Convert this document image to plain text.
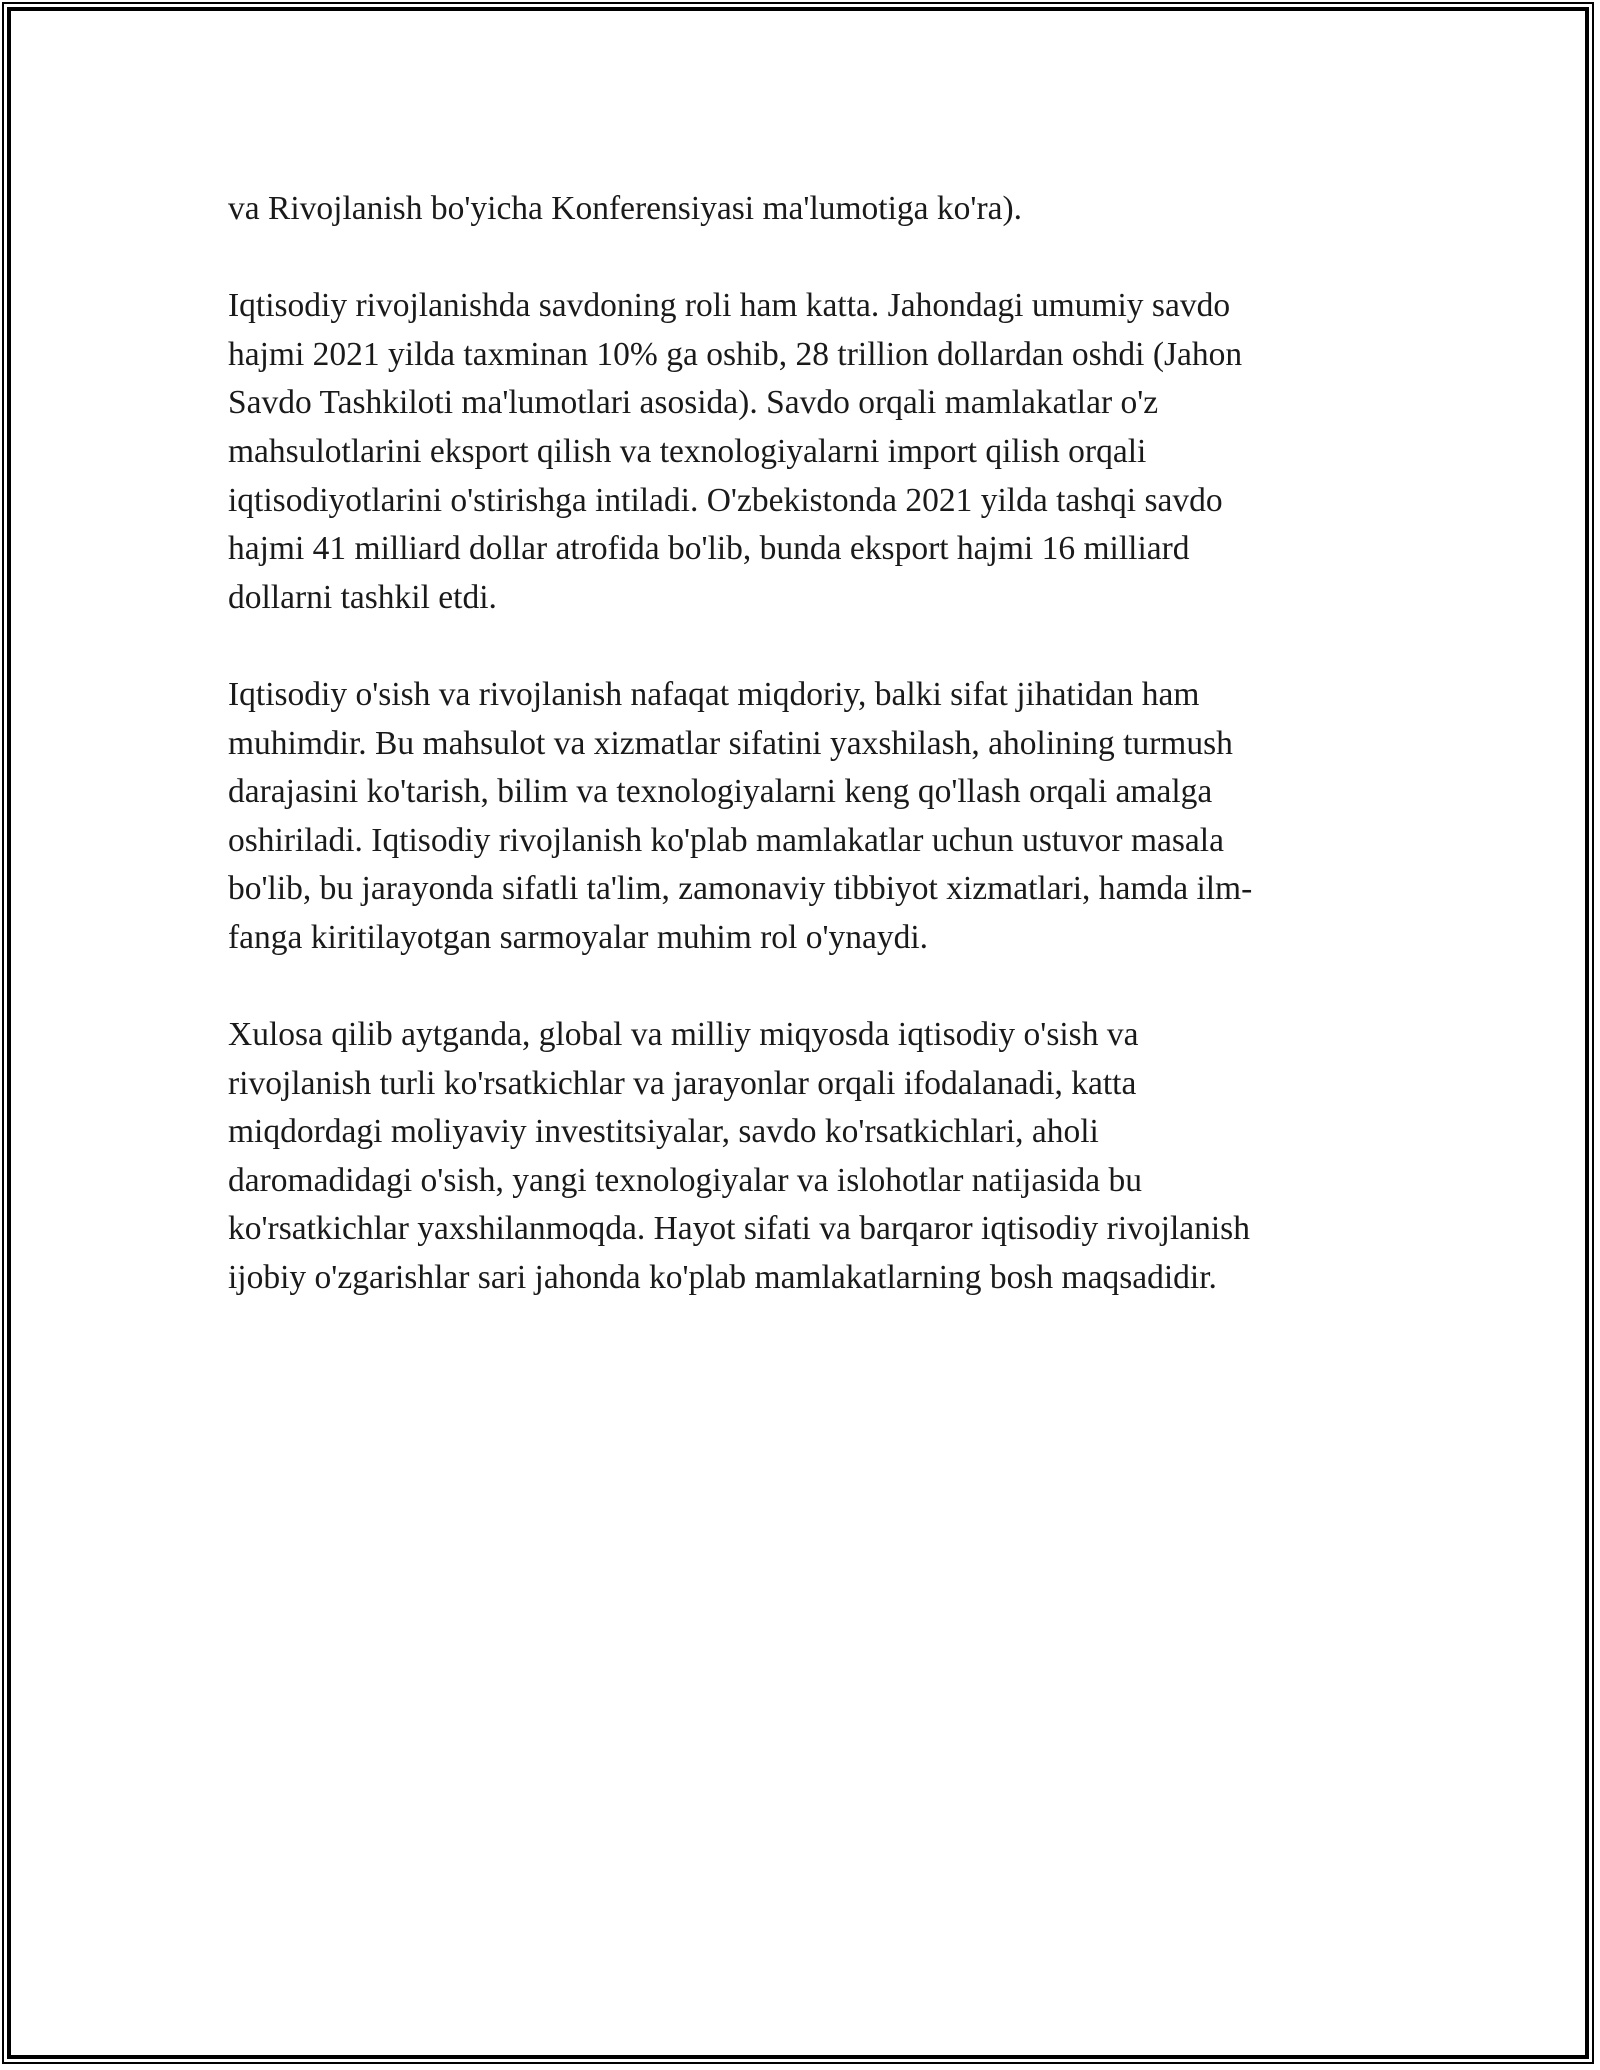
va Rivojlanish bo'yicha Konferensiyasi ma'lumotiga ko'ra).

Iqtisodiy rivojlanishda savdoning roli ham katta. Jahondagi umumiy savdo
hajmi 2021 yilda taxminan 10% ga oshib, 28 trillion dollardan oshdi (Jahon
Savdo Tashkiloti ma'lumotlari asosida). Savdo orqali mamlakatlar o'z
mahsulotlarini eksport qilish va texnologiyalarni import qilish orqali
iqtisodiyotlarini o'stirishga intiladi. O'zbekistonda 2021 yilda tashqi savdo
hajmi 41 milliard dollar atrofida bo'lib, bunda eksport hajmi 16 milliard
dollarni tashkil etdi.

Iqtisodiy o'sish va rivojlanish nafaqat miqdoriy, balki sifat jihatidan ham
muhimdir. Bu mahsulot va xizmatlar sifatini yaxshilash, aholining turmush
darajasini ko'tarish, bilim va texnologiyalarni keng qo'llash orqali amalga
oshiriladi. Iqtisodiy rivojlanish ko'plab mamlakatlar uchun ustuvor masala
bo'lib, bu jarayonda sifatli ta'lim, zamonaviy tibbiyot xizmatlari, hamda ilm-
fanga kiritilayotgan sarmoyalar muhim rol o'ynaydi.

Xulosa qilib aytganda, global va milliy miqyosda iqtisodiy o'sish va
rivojlanish turli ko'rsatkichlar va jarayonlar orqali ifodalanadi, katta
miqdordagi moliyaviy investitsiyalar, savdo ko'rsatkichlari, aholi
daromadidagi o'sish, yangi texnologiyalar va islohotlar natijasida bu
ko'rsatkichlar yaxshilanmoqda. Hayot sifati va barqaror iqtisodiy rivojlanish
ijobiy o'zgarishlar sari jahonda ko'plab mamlakatlarning bosh maqsadidir.
